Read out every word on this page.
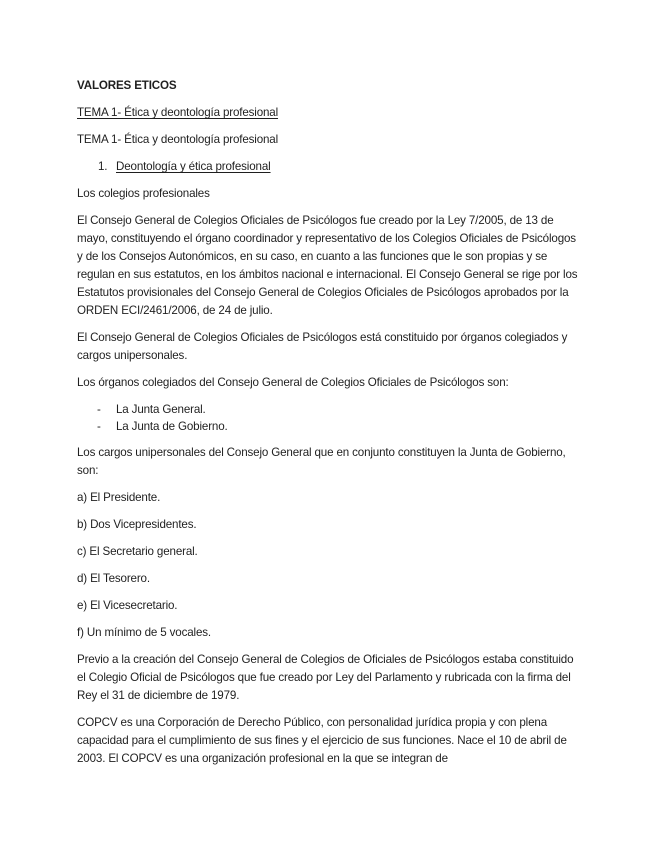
VALORES ETICOS

TEMA 1- Ética y deontología profesional

TEMA 1- Ética y deontología profesional

1. Deontología y ética profesional

Los colegios profesionales

El Consejo General de Colegios Oficiales de Psicólogos fue creado por la Ley 7/2005, de 13 de mayo, constituyendo el órgano coordinador y representativo de los Colegios Oficiales de Psicólogos y de los Consejos Autonómicos, en su caso, en cuanto a las funciones que le son propias y se regulan en sus estatutos, en los ámbitos nacional e internacional. El Consejo General se rige por los Estatutos provisionales del Consejo General de Colegios Oficiales de Psicólogos aprobados por la ORDEN ECI/2461/2006, de 24 de julio.

El Consejo General de Colegios Oficiales de Psicólogos está constituido por órganos colegiados y cargos unipersonales.

Los órganos colegiados del Consejo General de Colegios Oficiales de Psicólogos son:

- La Junta General.
- La Junta de Gobierno.

Los cargos unipersonales del Consejo General que en conjunto constituyen la Junta de Gobierno, son:

a) El Presidente.

b) Dos Vicepresidentes.

c) El Secretario general.

d) El Tesorero.

e) El Vicesecretario.

f) Un mínimo de 5 vocales.

Previo a la creación del Consejo General de Colegios de Oficiales de Psicólogos estaba constituido el Colegio Oficial de Psicólogos que fue creado por Ley del Parlamento y rubricada con la firma del Rey el 31 de diciembre de 1979.

COPCV es una Corporación de Derecho Público, con personalidad jurídica propia y con plena capacidad para el cumplimiento de sus fines y el ejercicio de sus funciones. Nace el 10 de abril de 2003. El COPCV es una organización profesional en la que se integran de
